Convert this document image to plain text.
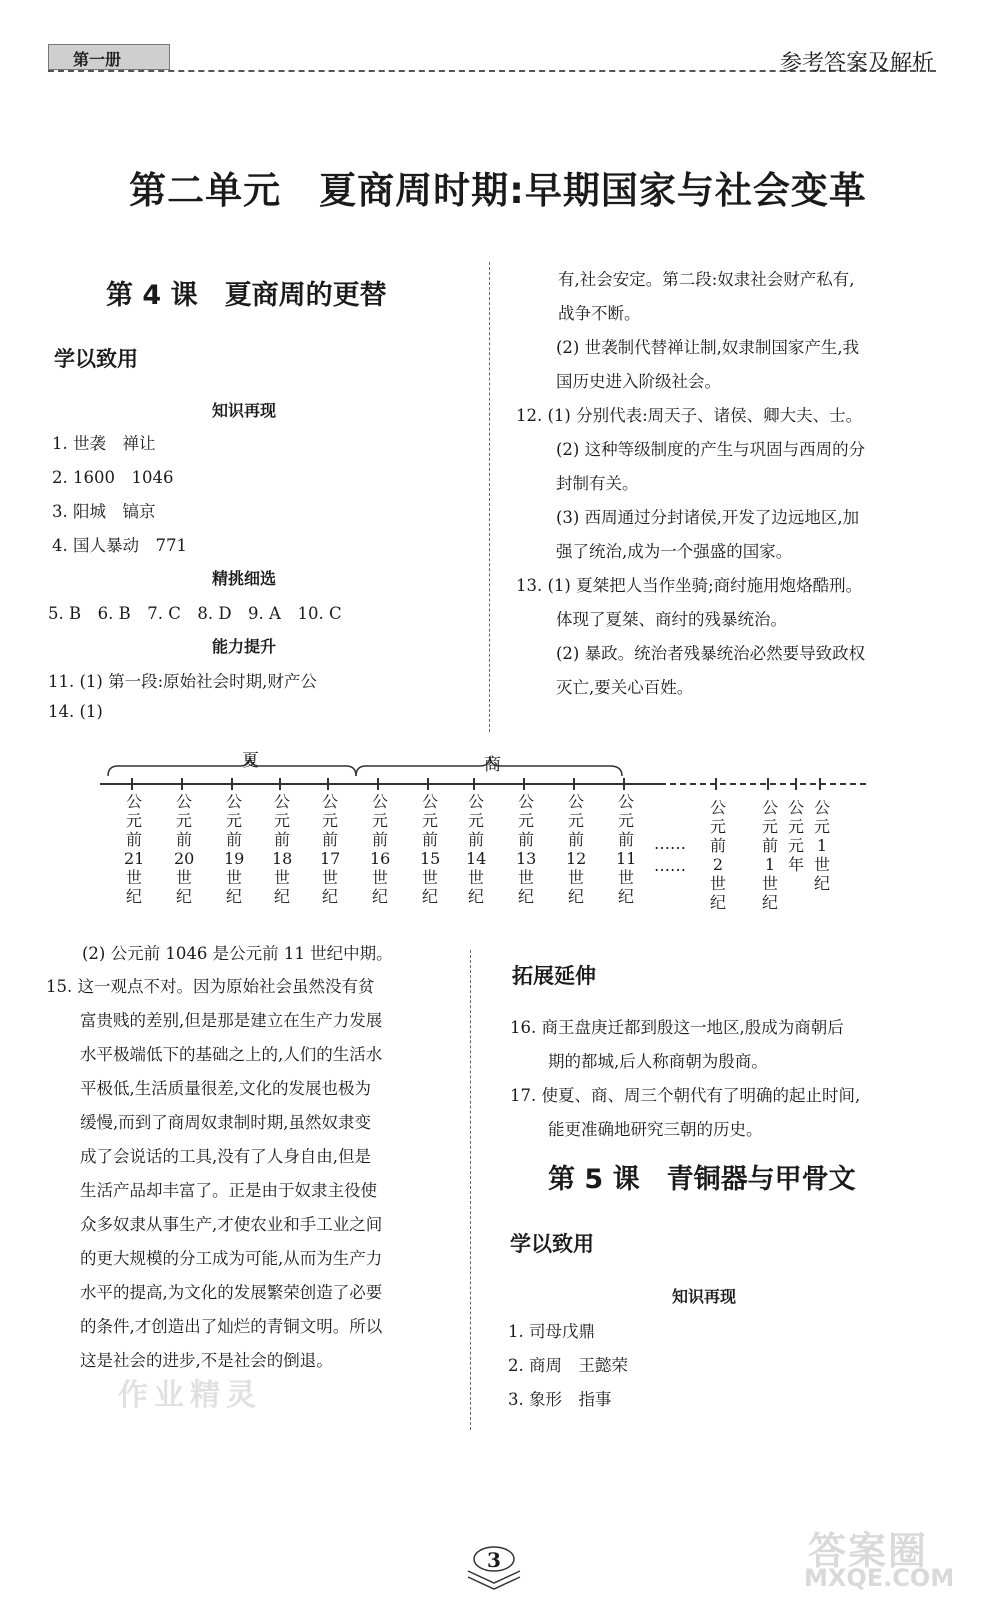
第一册	参考答案及解析
第二单元　夏商周时期:早期国家与社会变革
第 4 课　夏商周的更替
学以致用
知识再现
1. 世袭　禅让
2. 1600　1046
3. 阳城　镐京
4. 国人暴动　771
精挑细选
5. B　6. B　7. C　8. D　9. A　10. C
能力提升
11. (1) 第一段:原始社会时期,财产公
14. (1)
有,社会安定。第二段:奴隶社会财产私有,
战争不断。
(2) 世袭制代替禅让制,奴隶制国家产生,我
国历史进入阶级社会。
12. (1) 分别代表:周天子、诸侯、卿大夫、士。
(2) 这种等级制度的产生与巩固与西周的分
封制有关。
(3) 西周通过分封诸侯,开发了边远地区,加
强了统治,成为一个强盛的国家。
13. (1) 夏桀把人当作坐骑;商纣施用炮烙酷刑。
体现了夏桀、商纣的残暴统治。
(2) 暴政。统治者残暴统治必然要导致政权
灭亡,要关心百姓。
夏	商
公元前21世纪
公元前20世纪
公元前19世纪
公元前18世纪
公元前17世纪
公元前16世纪
公元前15世纪
公元前14世纪
公元前13世纪
公元前12世纪
公元前11世纪
……
……
公元前2世纪
公元前1世纪
公元元年
公元1世纪
(2) 公元前 1046 是公元前 11 世纪中期。
15. 这一观点不对。因为原始社会虽然没有贫
富贵贱的差别,但是那是建立在生产力发展
水平极端低下的基础之上的,人们的生活水
平极低,生活质量很差,文化的发展也极为
缓慢,而到了商周奴隶制时期,虽然奴隶变
成了会说话的工具,没有了人身自由,但是
生活产品却丰富了。正是由于奴隶主役使
众多奴隶从事生产,才使农业和手工业之间
的更大规模的分工成为可能,从而为生产力
水平的提高,为文化的发展繁荣创造了必要
的条件,才创造出了灿烂的青铜文明。所以
这是社会的进步,不是社会的倒退。
作业精灵
拓展延伸
16. 商王盘庚迁都到殷这一地区,殷成为商朝后
期的都城,后人称商朝为殷商。
17. 使夏、商、周三个朝代有了明确的起止时间,
能更准确地研究三朝的历史。
第 5 课　青铜器与甲骨文
学以致用
知识再现
1. 司母戊鼎
2. 商周　王懿荣
3. 象形　指事
3	答案圈
MXQE.COM
